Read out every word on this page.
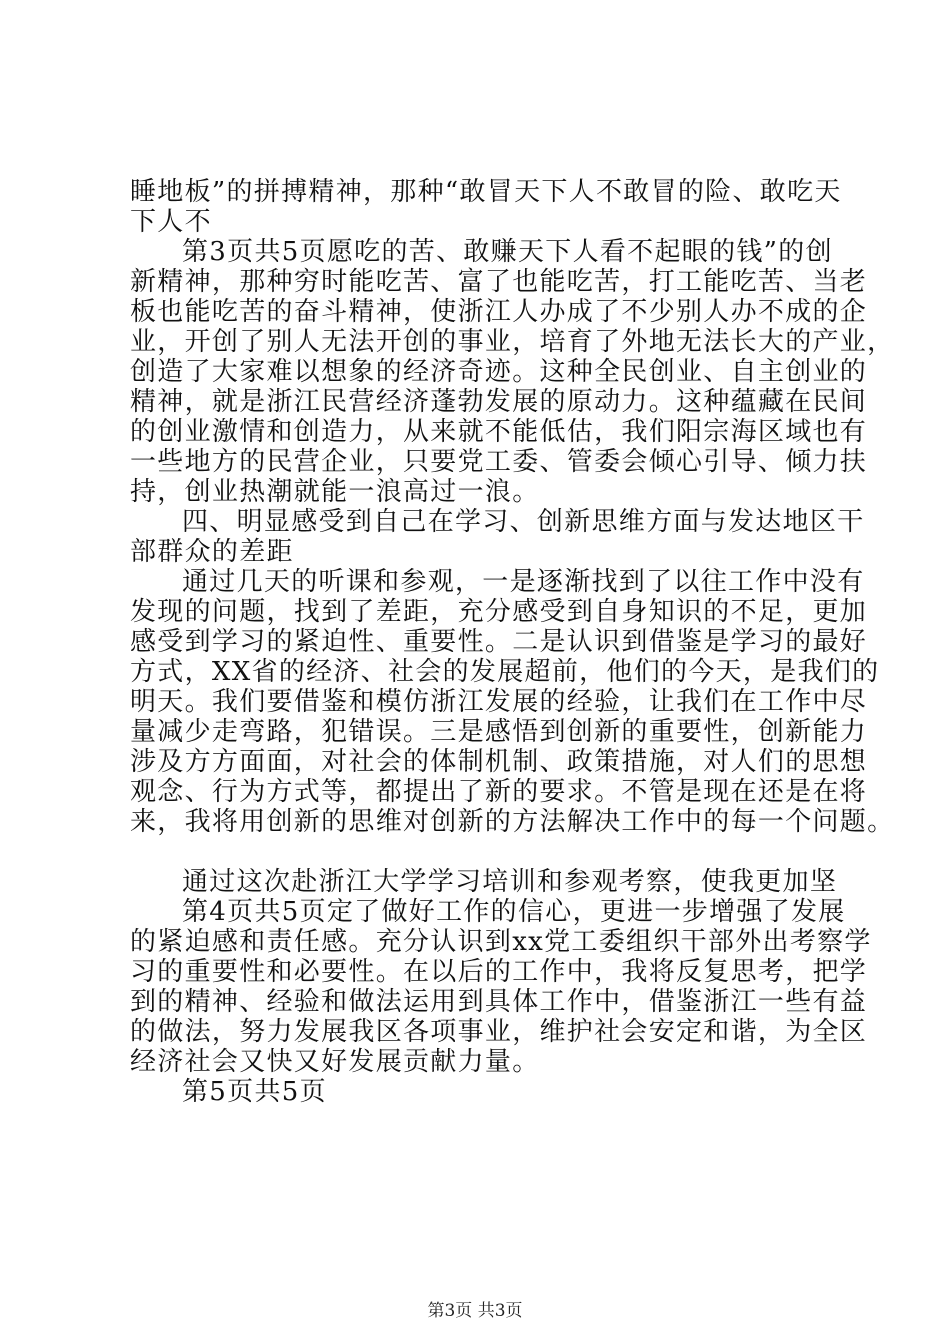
睡地板”的拼搏精神，那种“敢冒天下人不敢冒的险、敢吃天
下人不
第3页共5页愿吃的苦、敢赚天下人看不起眼的钱”的创
新精神，那种穷时能吃苦、富了也能吃苦，打工能吃苦、当老
板也能吃苦的奋斗精神，使浙江人办成了不少别人办不成的企
业，开创了别人无法开创的事业，培育了外地无法长大的产业，
创造了大家难以想象的经济奇迹。这种全民创业、自主创业的
精神，就是浙江民营经济蓬勃发展的原动力。这种蕴藏在民间
的创业激情和创造力，从来就不能低估，我们阳宗海区域也有
一些地方的民营企业，只要党工委、管委会倾心引导、倾力扶
持，创业热潮就能一浪高过一浪。
四、明显感受到自己在学习、创新思维方面与发达地区干
部群众的差距
通过几天的听课和参观，一是逐渐找到了以往工作中没有
发现的问题，找到了差距，充分感受到自身知识的不足，更加
感受到学习的紧迫性、重要性。二是认识到借鉴是学习的最好
方式，XX省的经济、社会的发展超前，他们的今天，是我们的
明天。我们要借鉴和模仿浙江发展的经验，让我们在工作中尽
量减少走弯路，犯错误。三是感悟到创新的重要性，创新能力
涉及方方面面，对社会的体制机制、政策措施，对人们的思想
观念、行为方式等，都提出了新的要求。不管是现在还是在将
来，我将用创新的思维对创新的方法解决工作中的每一个问题。
通过这次赴浙江大学学习培训和参观考察，使我更加坚
第4页共5页定了做好工作的信心，更进一步增强了发展
的紧迫感和责任感。充分认识到xx党工委组织干部外出考察学
习的重要性和必要性。在以后的工作中，我将反复思考，把学
到的精神、经验和做法运用到具体工作中，借鉴浙江一些有益
的做法，努力发展我区各项事业，维护社会安定和谐，为全区
经济社会又快又好发展贡献力量。
第5页共5页
第3页 共3页
